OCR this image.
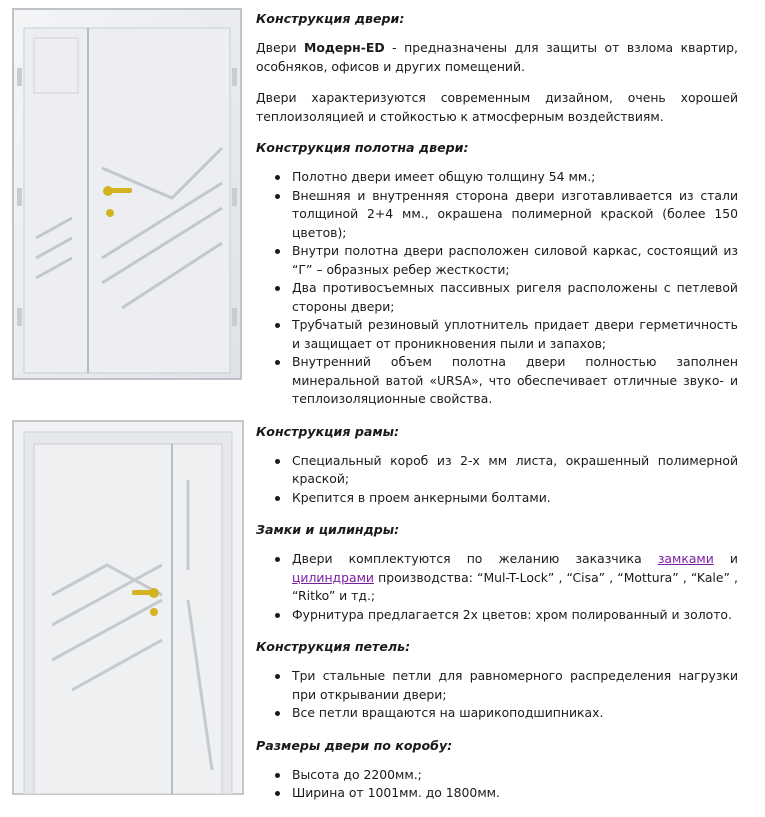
Конструкция двери:

Двери Модерн-ED - предназначены для защиты от взлома квартир, особняков, офисов и других помещений.

Двери характеризуются современным дизайном, очень хорошей теплоизоляцией и стойкостью к атмосферным воздействиям.

Конструкция полотна двери:
Полотно двери имеет общую толщину 54 мм.;
Внешняя и внутренняя сторона двери изготавливается из стали толщиной 2+4 мм., окрашена полимерной краской (более 150 цветов);
Внутри полотна двери расположен силовой каркас, состоящий из “Г” – образных ребер жесткости;
Два противосъемных пассивных ригеля расположены с петлевой стороны двери;
Трубчатый резиновый уплотнитель придает двери герметичность и защищает от проникновения пыли и запахов;
Внутренний объем полотна двери полностью заполнен минеральной ватой «URSA», что обеспечивает отличные звуко- и теплоизоляционные свойства.
Конструкция рамы:
Специальный короб из 2-х мм листа, окрашенный полимерной краской;
Крепится в проем анкерными болтами.
Замки и цилиндры:
Двери комплектуются по желанию заказчика замками и цилиндрами производства: “Mul-T-Lock” , “Cisa” , “Mottura” , “Kale” , “Ritko” и тд.;
Фурнитура предлагается 2х цветов: хром полированный и золото.
Конструкция петель:
Три стальные петли для равномерного распределения нагрузки при открывании двери;
Все петли вращаются на шарикоподшипниках.
Размеры двери по коробу:
Высота до 2200мм.;
Ширина от 1001мм. до 1800мм.
